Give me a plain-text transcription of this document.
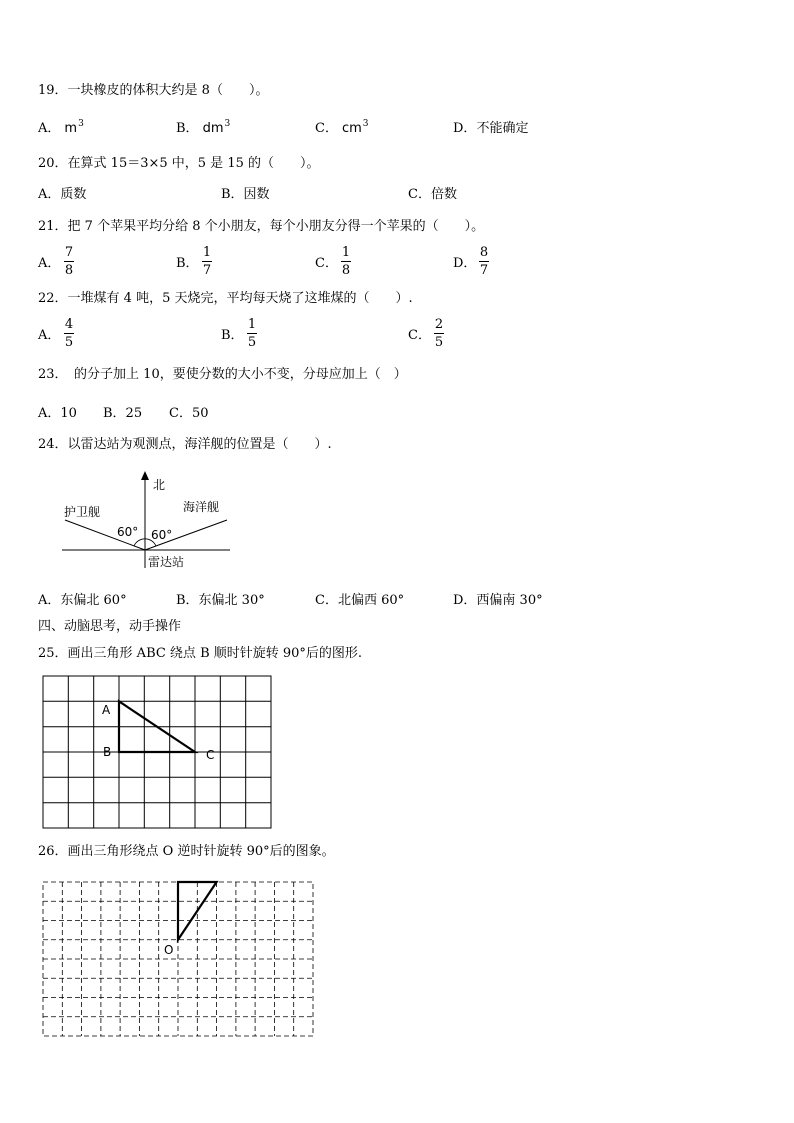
19．一块橡皮的体积大约是 8（　　）。
A． $m^3$	B． $dm^3$	C． $cm^3$	D．不能确定
20．在算式 15＝3×5 中，5 是 15 的（　　）。
A．质数	B．因数	C．倍数
21．把 7 个苹果平均分给 8 个小朋友，每个小朋友分得一个苹果的（　　）。
A．
7
8	B．
1
7	C．
1
8	D．
8
7
22．一堆煤有 4 吨，5 天烧完，平均每天烧了这堆煤的（　　）.
A．
4
5	B．
1
5	C．
2
5
23．　的分子加上 10，要使分数的大小不变，分母应加上（　）
A．10 B．25 C．50
24．以雷达站为观测点，海洋舰的位置是（　　）.
北
护卫舰	海洋舰
60° 60°
雷达站
A．东偏北 60°	B．东偏北 30°	C．北偏西 60°	D．西偏南 30°
四、动脑思考，动手操作
25．画出三角形 ABC 绕点 B 顺时针旋转 90°后的图形.
A
B	C
26．画出三角形绕点 O 逆时针旋转 90°后的图象。
O
